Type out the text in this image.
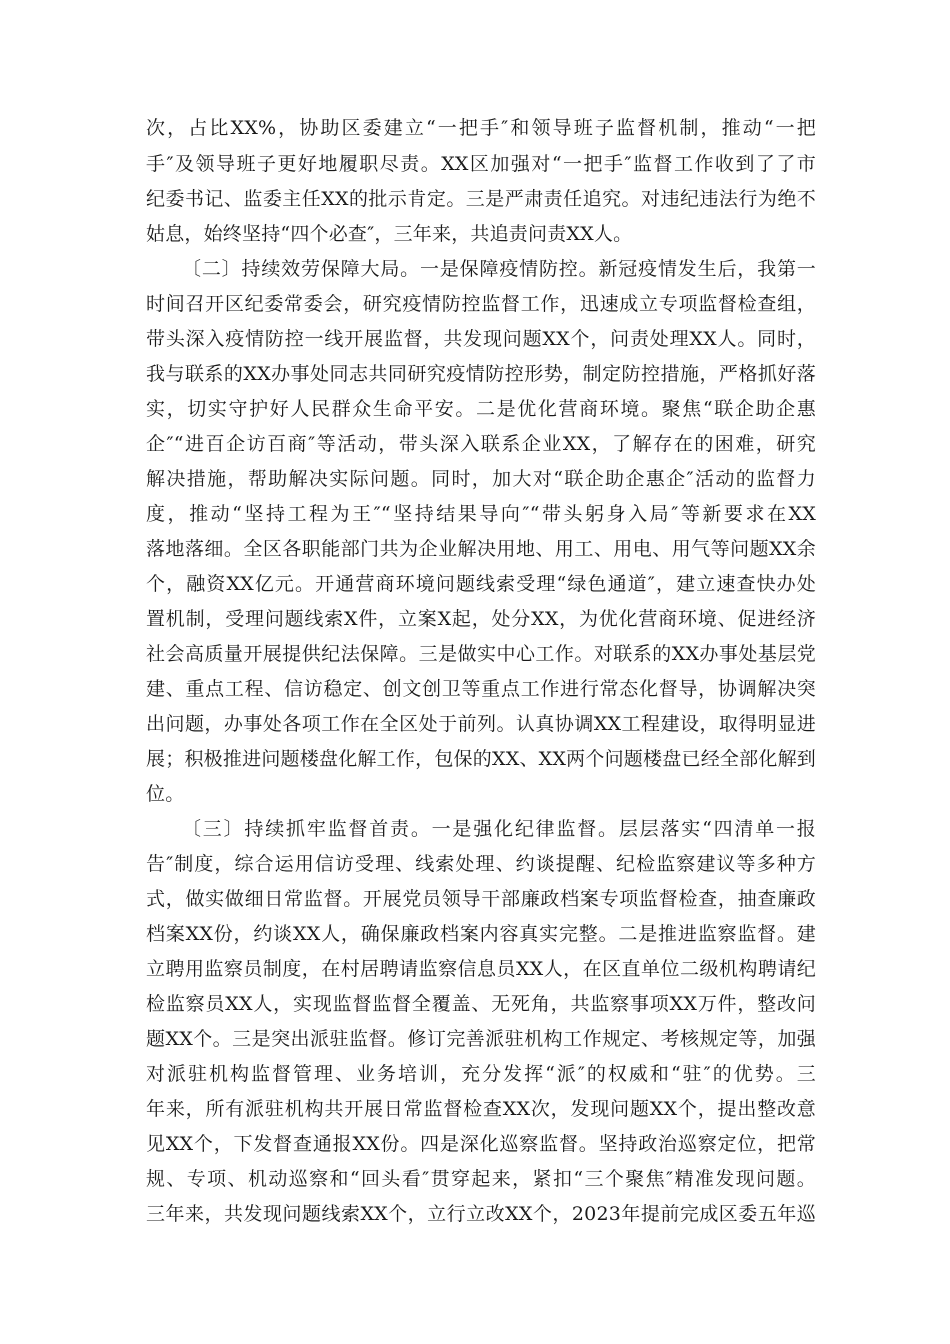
次，占比XX%，协助区委建立“一把手″和领导班子监督机制，推动“一把
手″及领导班子更好地履职尽责。XX区加强对“一把手″监督工作收到了了市
纪委书记、监委主任XX的批示肯定。三是严肃责任追究。对违纪违法行为绝不
姑息，始终坚持“四个必查″，三年来，共追责问责XX人。
〔二〕持续效劳保障大局。一是保障疫情防控。新冠疫情发生后，我第一
时间召开区纪委常委会，研究疫情防控监督工作，迅速成立专项监督检查组，
带头深入疫情防控一线开展监督，共发现问题XX个，问责处理XX人。同时，
我与联系的XX办事处同志共同研究疫情防控形势，制定防控措施，严格抓好落
实，切实守护好人民群众生命平安。二是优化营商环境。聚焦“联企助企惠
企″“进百企访百商″等活动，带头深入联系企业XX，了解存在的困难，研究
解决措施，帮助解决实际问题。同时，加大对“联企助企惠企″活动的监督力
度，推动“坚持工程为王″“坚持结果导向″“带头躬身入局″等新要求在XX
落地落细。全区各职能部门共为企业解决用地、用工、用电、用气等问题XX余
个，融资XX亿元。开通营商环境问题线索受理“绿色通道″，建立速查快办处
置机制，受理问题线索X件，立案X起，处分XX，为优化营商环境、促进经济
社会高质量开展提供纪法保障。三是做实中心工作。对联系的XX办事处基层党
建、重点工程、信访稳定、创文创卫等重点工作进行常态化督导，协调解决突
出问题，办事处各项工作在全区处于前列。认真协调XX工程建设，取得明显进
展；积极推进问题楼盘化解工作，包保的XX、XX两个问题楼盘已经全部化解到
位。
〔三〕持续抓牢监督首责。一是强化纪律监督。层层落实“四清单一报
告″制度，综合运用信访受理、线索处理、约谈提醒、纪检监察建议等多种方
式，做实做细日常监督。开展党员领导干部廉政档案专项监督检查，抽查廉政
档案XX份，约谈XX人，确保廉政档案内容真实完整。二是推进监察监督。建
立聘用监察员制度，在村居聘请监察信息员XX人，在区直单位二级机构聘请纪
检监察员XX人，实现监督监督全覆盖、无死角，共监察事项XX万件，整改问
题XX个。三是突出派驻监督。修订完善派驻机构工作规定、考核规定等，加强
对派驻机构监督管理、业务培训，充分发挥“派″的权威和“驻″的优势。三
年来，所有派驻机构共开展日常监督检查XX次，发现问题XX个，提出整改意
见XX个，下发督查通报XX份。四是深化巡察监督。坚持政治巡察定位，把常
规、专项、机动巡察和“回头看″贯穿起来，紧扣“三个聚焦″精准发现问题。
三年来，共发现问题线索XX个，立行立改XX个，2023年提前完成区委五年巡
